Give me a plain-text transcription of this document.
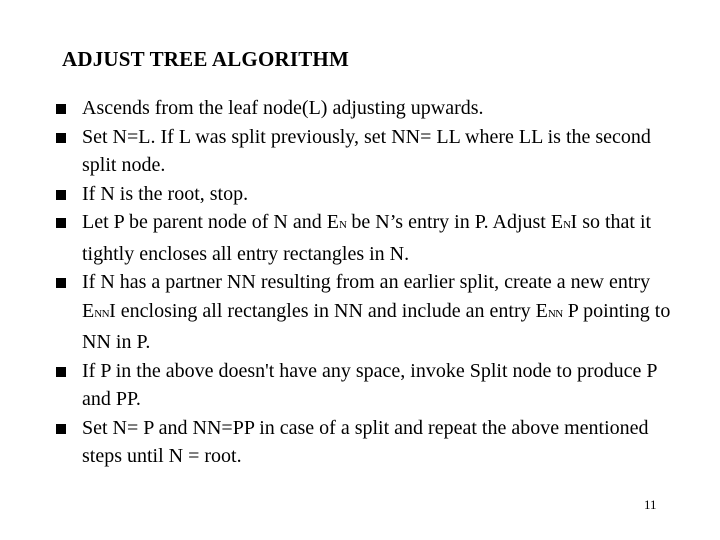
ADJUST TREE ALGORITHM
Ascends from the leaf node(L) adjusting upwards.
Set N=L. If L was split previously, set NN= LL where LL is the second split node.
If N is the root, stop.
Let P be parent node of N and EN be N’s entry in P. Adjust ENI so that it tightly encloses all entry rectangles in N.
If N has a partner NN resulting from an earlier split, create a new entry ENNI enclosing all rectangles in NN and include an entry ENN P pointing to NN in P.
If P in the above doesn't have any space, invoke Split node to produce P and PP.
Set N= P and NN=PP in case of a split and repeat the above mentioned steps until N = root.
11
